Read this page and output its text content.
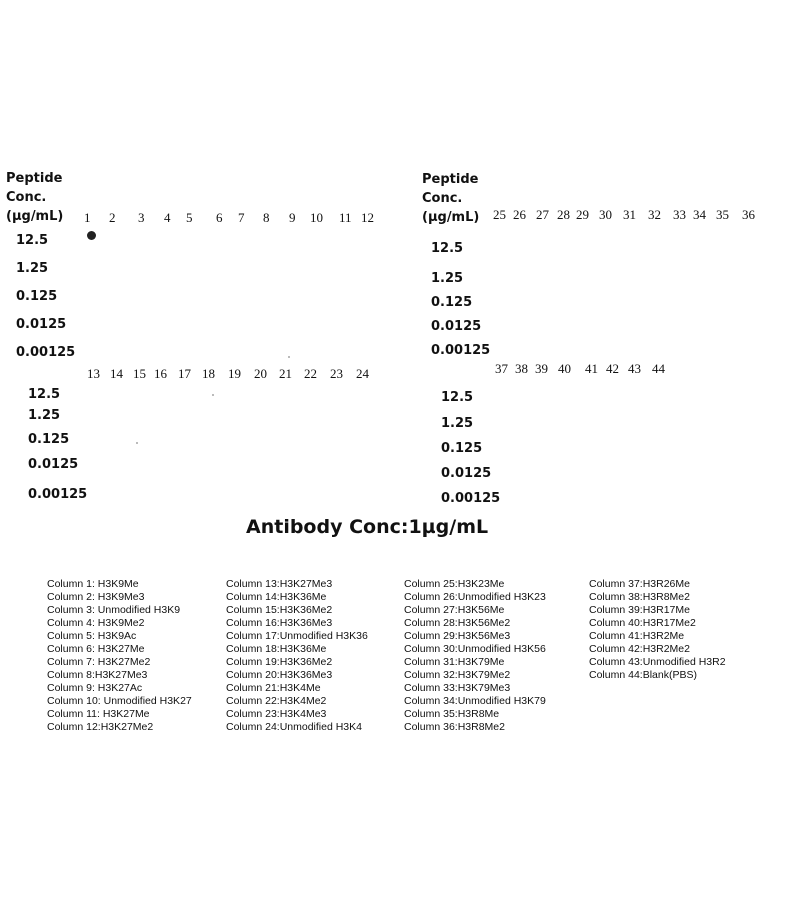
Peptide
Conc.
(µg/mL)
Peptide
Conc.
(µg/mL)
1 2 3 4 5 6 7 8 9 10 11 12
13 14 15 16 17 18 19 20 21 22 23 24
25 26 27 28 29 30 31 32 33 34 35 36
37 38 39 40 41 42 43 44
12.5
1.25
0.125
0.0125
0.00125
12.5
1.25
0.125
0.0125
0.00125
12.5
1.25
0.125
0.0125
0.00125
12.5
1.25
0.125
0.0125
0.00125
Antibody Conc:1µg/mL
Column 1: H3K9Me
Column 2: H3K9Me3
Column 3: Unmodified H3K9
Column 4: H3K9Me2
Column 5: H3K9Ac
Column 6: H3K27Me
Column 7: H3K27Me2
Column 8:H3K27Me3
Column 9: H3K27Ac
Column 10: Unmodified H3K27
Column 11: H3K27Me
Column 12:H3K27Me2
Column 13:H3K27Me3
Column 14:H3K36Me
Column 15:H3K36Me2
Column 16:H3K36Me3
Column 17:Unmodified H3K36
Column 18:H3K36Me
Column 19:H3K36Me2
Column 20:H3K36Me3
Column 21:H3K4Me
Column 22:H3K4Me2
Column 23:H3K4Me3
Column 24:Unmodified H3K4
Column 25:H3K23Me
Column 26:Unmodified H3K23
Column 27:H3K56Me
Column 28:H3K56Me2
Column 29:H3K56Me3
Column 30:Unmodified H3K56
Column 31:H3K79Me
Column 32:H3K79Me2
Column 33:H3K79Me3
Column 34:Unmodified H3K79
Column 35:H3R8Me
Column 36:H3R8Me2
Column 37:H3R26Me
Column 38:H3R8Me2
Column 39:H3R17Me
Column 40:H3R17Me2
Column 41:H3R2Me
Column 42:H3R2Me2
Column 43:Unmodified H3R2
Column 44:Blank(PBS)
